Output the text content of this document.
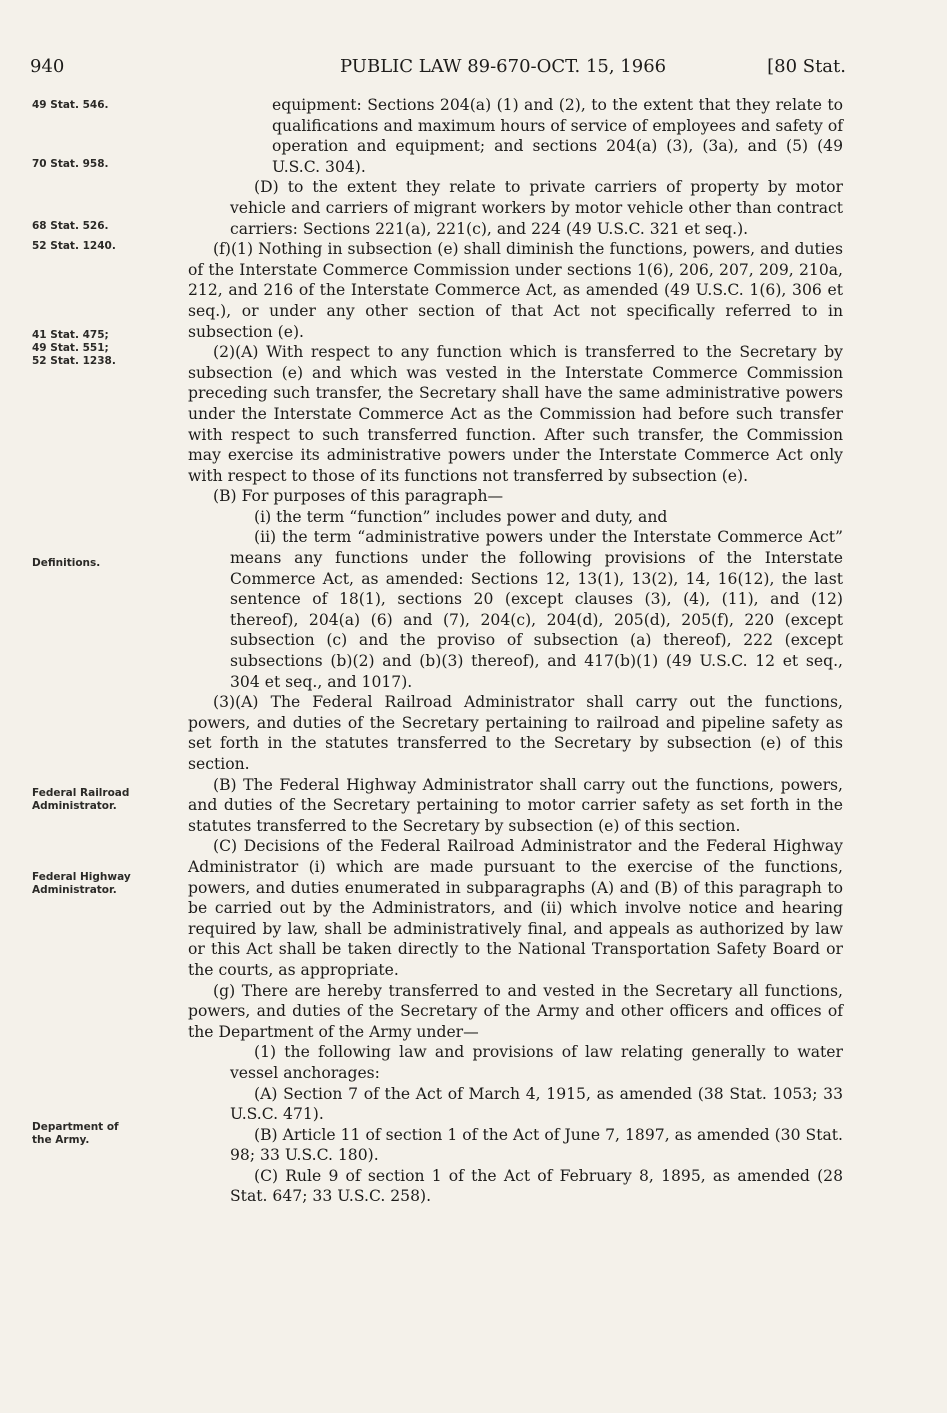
940	PUBLIC LAW 89-670-OCT. 15, 1966	[80 Stat.
49 Stat. 546.
70 Stat. 958.
68 Stat. 526.
52 Stat. 1240.
41 Stat. 475;
49 Stat. 551;
52 Stat. 1238.
Definitions.
Federal Railroad
Administrator.
Federal Highway
Administrator.
Department of
the Army.

equipment: Sections 204(a) (1) and (2), to the extent that they relate to qualifications and maximum hours of service of employees and safety of operation and equipment; and sections 204(a) (3), (3a), and (5) (49 U.S.C. 304).

(D) to the extent they relate to private carriers of property by motor vehicle and carriers of migrant workers by motor vehicle other than contract carriers: Sections 221(a), 221(c), and 224 (49 U.S.C. 321 et seq.).

(f)(1) Nothing in subsection (e) shall diminish the functions, powers, and duties of the Interstate Commerce Commission under sections 1(6), 206, 207, 209, 210a, 212, and 216 of the Interstate Commerce Act, as amended (49 U.S.C. 1(6), 306 et seq.), or under any other section of that Act not specifically referred to in subsection (e).

(2)(A) With respect to any function which is transferred to the Secretary by subsection (e) and which was vested in the Interstate Commerce Commission preceding such transfer, the Secretary shall have the same administrative powers under the Interstate Commerce Act as the Commission had before such transfer with respect to such transferred function. After such transfer, the Commission may exercise its administrative powers under the Interstate Commerce Act only with respect to those of its functions not transferred by subsection (e).

(B) For purposes of this paragraph—

(i) the term “function” includes power and duty, and

(ii) the term “administrative powers under the Interstate Commerce Act” means any functions under the following provisions of the Interstate Commerce Act, as amended: Sections 12, 13(1), 13(2), 14, 16(12), the last sentence of 18(1), sections 20 (except clauses (3), (4), (11), and (12) thereof), 204(a) (6) and (7), 204(c), 204(d), 205(d), 205(f), 220 (except subsection (c) and the proviso of subsection (a) thereof), 222 (except subsections (b)(2) and (b)(3) thereof), and 417(b)(1) (49 U.S.C. 12 et seq., 304 et seq., and 1017).

(3)(A) The Federal Railroad Administrator shall carry out the functions, powers, and duties of the Secretary pertaining to railroad and pipeline safety as set forth in the statutes transferred to the Secretary by subsection (e) of this section.

(B) The Federal Highway Administrator shall carry out the functions, powers, and duties of the Secretary pertaining to motor carrier safety as set forth in the statutes transferred to the Secretary by subsection (e) of this section.

(C) Decisions of the Federal Railroad Administrator and the Federal Highway Administrator (i) which are made pursuant to the exercise of the functions, powers, and duties enumerated in subparagraphs (A) and (B) of this paragraph to be carried out by the Administrators, and (ii) which involve notice and hearing required by law, shall be administratively final, and appeals as authorized by law or this Act shall be taken directly to the National Transportation Safety Board or the courts, as appropriate.

(g) There are hereby transferred to and vested in the Secretary all functions, powers, and duties of the Secretary of the Army and other officers and offices of the Department of the Army under—

(1) the following law and provisions of law relating generally to water vessel anchorages:

(A) Section 7 of the Act of March 4, 1915, as amended (38 Stat. 1053; 33 U.S.C. 471).

(B) Article 11 of section 1 of the Act of June 7, 1897, as amended (30 Stat. 98; 33 U.S.C. 180).

(C) Rule 9 of section 1 of the Act of February 8, 1895, as amended (28 Stat. 647; 33 U.S.C. 258).
